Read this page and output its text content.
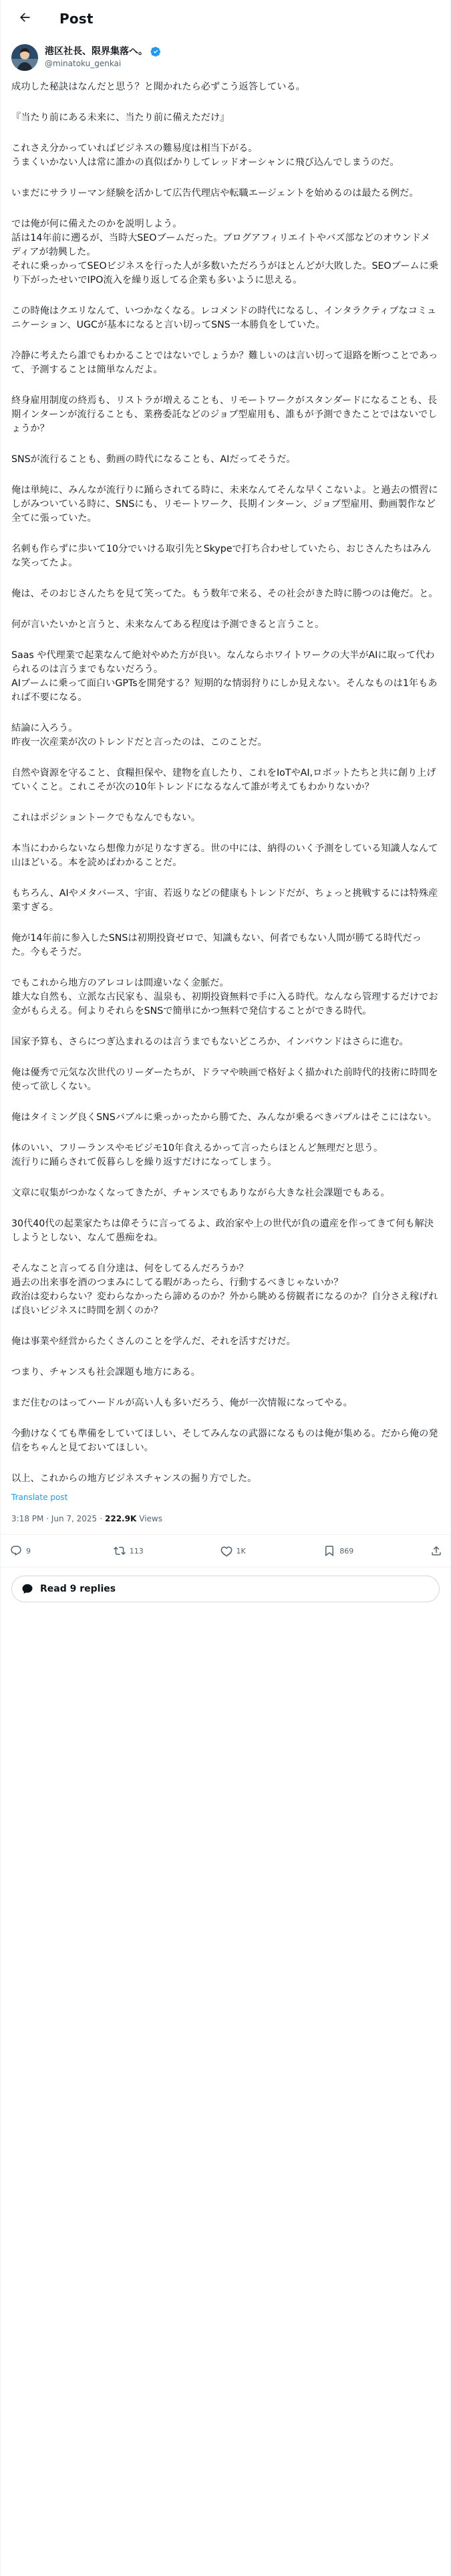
Post
港区社長、限界集落へ。
@minatoku_genkai

成功した秘訣はなんだと思う？と聞かれたら必ずこう返答している。

『当たり前にある未来に、当たり前に備えただけ』

これさえ分かっていればビジネスの難易度は相当下がる。
うまくいかない人は常に誰かの真似ばかりしてレッドオーシャンに飛び込んでしまうのだ。

いまだにサラリーマン経験を活かして広告代理店や転職エージェントを始めるのは最たる例だ。

では俺が何に備えたのかを説明しよう。
話は14年前に遡るが、当時大SEOブームだった。ブログアフィリエイトやバズ部などのオウンドメディアが勃興した。
それに乗っかってSEOビジネスを行った人が多数いただろうがほとんどが大敗した。SEOブームに乗り下がったせいでIPO流入を繰り返してる企業も多いように思える。

この時俺はクエリなんて、いつかなくなる。レコメンドの時代になるし、インタラクティブなコミュニケーション、UGCが基本になると言い切ってSNS一本勝負をしていた。

冷静に考えたら誰でもわかることではないでしょうか？難しいのは言い切って退路を断つことであって、予測することは簡単なんだよ。

終身雇用制度の終焉も、リストラが増えることも、リモートワークがスタンダードになることも、長期インターンが流行ることも、業務委託などのジョブ型雇用も、誰もが予測できたことではないでしょうか？

SNSが流行ることも、動画の時代になることも、AIだってそうだ。

俺は単純に、みんなが流行りに踊らされてる時に、未来なんてそんな早くこないよ。と過去の慣習にしがみついている時に、SNSにも、リモートワーク、長期インターン、ジョブ型雇用、動画製作など全てに張っていた。

名刺も作らずに歩いて10分でいける取引先とSkypeで打ち合わせしていたら、おじさんたちはみんな笑ってたよ。

俺は、そのおじさんたちを見て笑ってた。もう数年で来る、その社会がきた時に勝つのは俺だ。と。

何が言いたいかと言うと、未来なんてある程度は予測できると言うこと。

Saas や代理業で起業なんて絶対やめた方が良い。なんならホワイトワークの大半がAIに取って代わられるのは言うまでもないだろう。
AIブームに乗って面白いGPTsを開発する？短期的な情弱狩りにしか見えない。そんなものは1年もあれば不要になる。

結論に入ろう。
昨夜一次産業が次のトレンドだと言ったのは、このことだ。

自然や資源を守ること、食糧担保や、建物を直したり、これをIoTやAI,ロボットたちと共に創り上げていくこと。これこそが次の10年トレンドになるなんて誰が考えてもわかりないか？

これはポジショントークでもなんでもない。

本当にわからないなら想像力が足りなすぎる。世の中には、納得のいく予測をしている知識人なんて山ほどいる。本を読めばわかることだ。

もちろん、AIやメタバース、宇宙、若返りなどの健康もトレンドだが、ちょっと挑戦するには特殊産業すぎる。

俺が14年前に参入したSNSは初期投資ゼロで、知識もない、何者でもない人間が勝てる時代だった。今もそうだ。

でもこれから地方のアレコレは間違いなく金脈だ。
雄大な自然も、立派な古民家も、温泉も、初期投資無料で手に入る時代。なんなら管理するだけでお金がもらえる。何よりそれらをSNSで簡単にかつ無料で発信することができる時代。

国家予算も、さらにつぎ込まれるのは言うまでもないどころか、インバウンドはさらに進む。

俺は優秀で元気な次世代のリーダーたちが、ドラマや映画で格好よく描かれた前時代的技術に時間を使って欲しくない。

俺はタイミング良くSNSバブルに乗っかったから勝てた、みんなが乗るべきバブルはそこにはない。

体のいい、フリーランスやモビジモ10年食えるかって言ったらほとんど無理だと思う。
流行りに踊らされて仮暮らしを繰り返すだけになってしまう。

文章に収集がつかなくなってきたが、チャンスでもありながら大きな社会課題でもある。

30代40代の起業家たちは偉そうに言ってるよ、政治家や上の世代が負の遺産を作ってきて何も解決しようとしない、なんて愚痴をね。

そんなこと言ってる自分達は、何をしてるんだろうか？
過去の出来事を酒のつまみにしてる暇があったら、行動するべきじゃないか？
政治は変わらない？変わらなかったら諦めるのか？外から眺める傍観者になるのか？自分さえ稼げれば良いビジネスに時間を割くのか？

俺は事業や経営からたくさんのことを学んだ、それを活すだけだ。

つまり、チャンスも社会課題も地方にある。

まだ住むのはってハードルが高い人も多いだろう、俺が一次情報になってやる。

今動けなくても準備をしていてほしい、そしてみんなの武器になるものは俺が集める。だから俺の発信をちゃんと見ておいてほしい。

以上、これからの地方ビジネスチャンスの掘り方でした。

Translate post
3:18 PM · Jun 7, 2025 · 222.9K Views
9	113	1K	869
Read 9 replies
